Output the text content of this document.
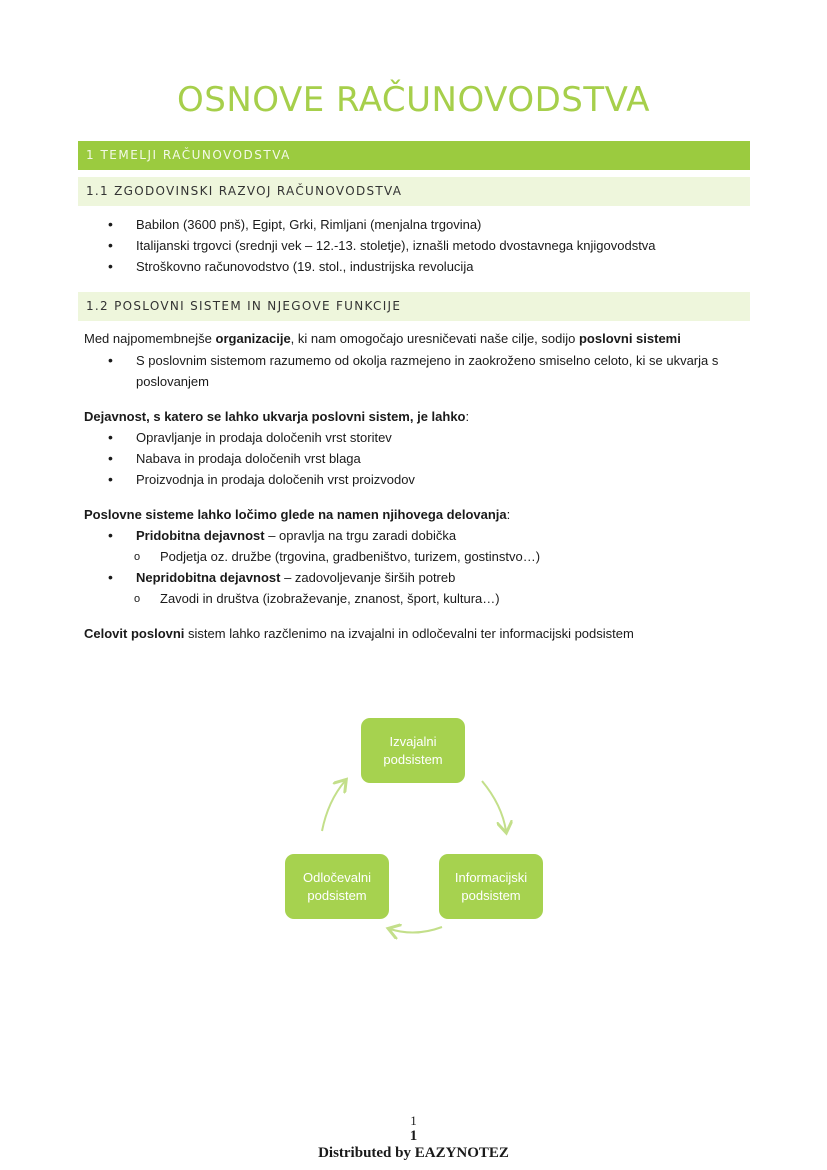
OSNOVE RAČUNOVODSTVA
1 TEMELJI RAČUNOVODSTVA
1.1 ZGODOVINSKI RAZVOJ RAČUNOVODSTVA
• Babilon (3600 pnš), Egipt, Grki, Rimljani (menjalna trgovina)
• Italijanski trgovci (srednji vek – 12.-13. stoletje), iznašli metodo dvostavnega knjigovodstva
• Stroškovno računovodstvo (19. stol., industrijska revolucija
1.2 POSLOVNI SISTEM IN NJEGOVE FUNKCIJE
Med najpomembnejše organizacije, ki nam omogočajo uresničevati naše cilje, sodijo poslovni sistemi
• S poslovnim sistemom razumemo od okolja razmejeno in zaokroženo smiselno celoto, ki se ukvarja s
poslovanjem
Dejavnost, s katero se lahko ukvarja poslovni sistem, je lahko:
• Opravljanje in prodaja določenih vrst storitev
• Nabava in prodaja določenih vrst blaga
• Proizvodnja in prodaja določenih vrst proizvodov
Poslovne sisteme lahko ločimo glede na namen njihovega delovanja:
• Pridobitna dejavnost – opravlja na trgu zaradi dobička
o Podjetja oz. družbe (trgovina, gradbeništvo, turizem, gostinstvo…)
• Nepridobitna dejavnost – zadovoljevanje širših potreb
o Zavodi in društva (izobraževanje, znanost, šport, kultura…)
Celovit poslovni sistem lahko razčlenimo na izvajalni in odločevalni ter informacijski podsistem
Izvajalni
podsistem
Informacijski
podsistem
Odločevalni
podsistem
1
1
Distributed by EAZYNOTEZ
